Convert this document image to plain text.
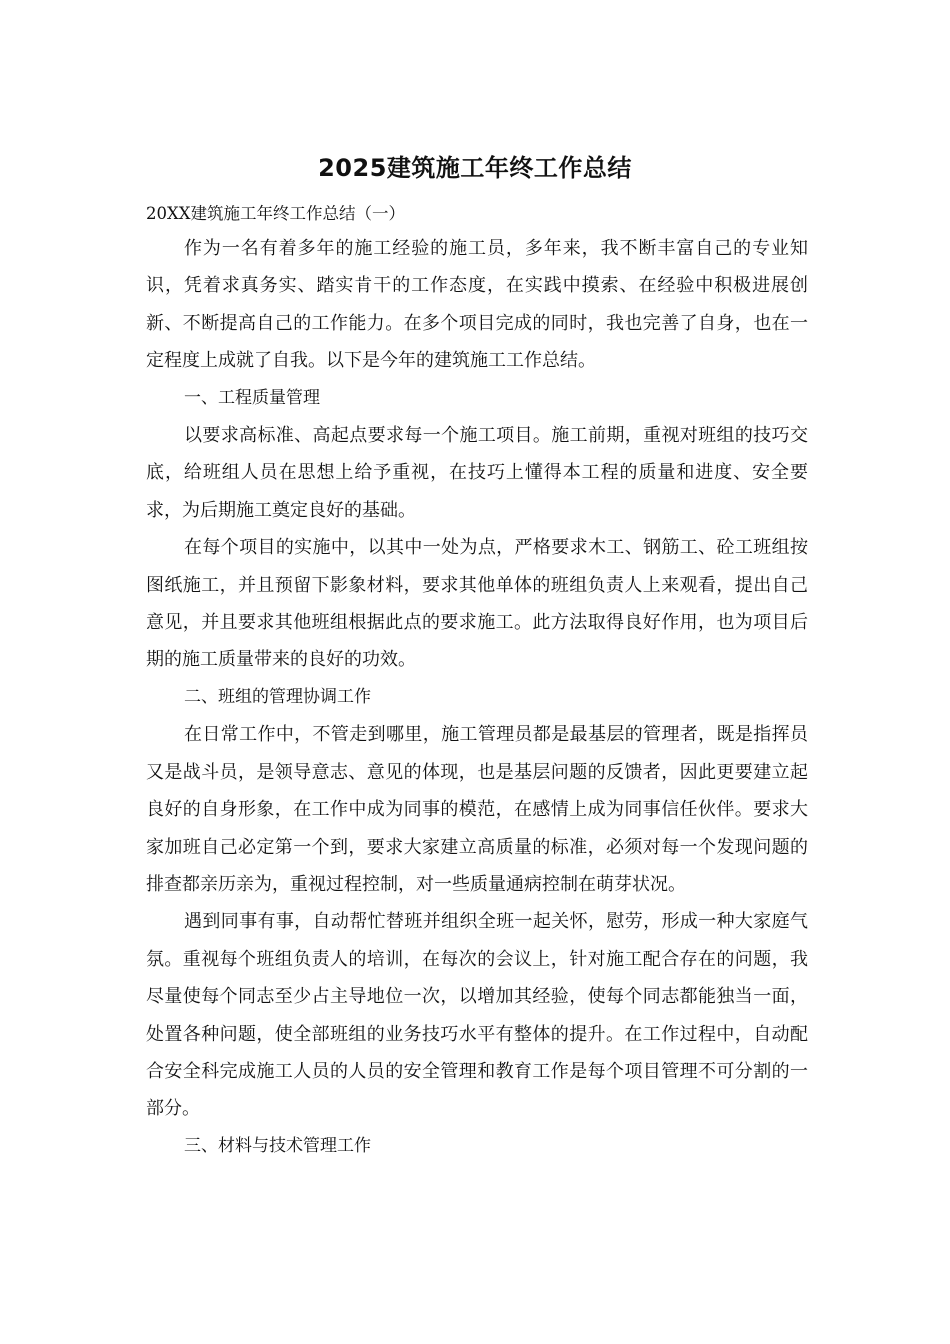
2025建筑施工年终工作总结
20XX建筑施工年终工作总结（一）

作为一名有着多年的施工经验的施工员，多年来，我不断丰富自己的专业知识，凭着求真务实、踏实肯干的工作态度，在实践中摸索、在经验中积极进展创新、不断提高自己的工作能力。在多个项目完成的同时，我也完善了自身，也在一定程度上成就了自我。以下是今年的建筑施工工作总结。

一、工程质量管理

以要求高标准、高起点要求每一个施工项目。施工前期，重视对班组的技巧交底，给班组人员在思想上给予重视，在技巧上懂得本工程的质量和进度、安全要求，为后期施工奠定良好的基础。

在每个项目的实施中，以其中一处为点，严格要求木工、钢筋工、砼工班组按图纸施工，并且预留下影象材料，要求其他单体的班组负责人上来观看，提出自己意见，并且要求其他班组根据此点的要求施工。此方法取得良好作用，也为项目后期的施工质量带来的良好的功效。

二、班组的管理协调工作

在日常工作中，不管走到哪里，施工管理员都是最基层的管理者，既是指挥员又是战斗员，是领导意志、意见的体现，也是基层问题的反馈者，因此更要建立起良好的自身形象，在工作中成为同事的模范，在感情上成为同事信任伙伴。要求大家加班自己必定第一个到，要求大家建立高质量的标准，必须对每一个发现问题的排查都亲历亲为，重视过程控制，对一些质量通病控制在萌芽状况。

遇到同事有事，自动帮忙替班并组织全班一起关怀，慰劳，形成一种大家庭气氛。重视每个班组负责人的培训，在每次的会议上，针对施工配合存在的问题，我尽量使每个同志至少占主导地位一次，以增加其经验，使每个同志都能独当一面，处置各种问题，使全部班组的业务技巧水平有整体的提升。在工作过程中，自动配合安全科完成施工人员的人员的安全管理和教育工作是每个项目管理不可分割的一部分。

三、材料与技术管理工作
